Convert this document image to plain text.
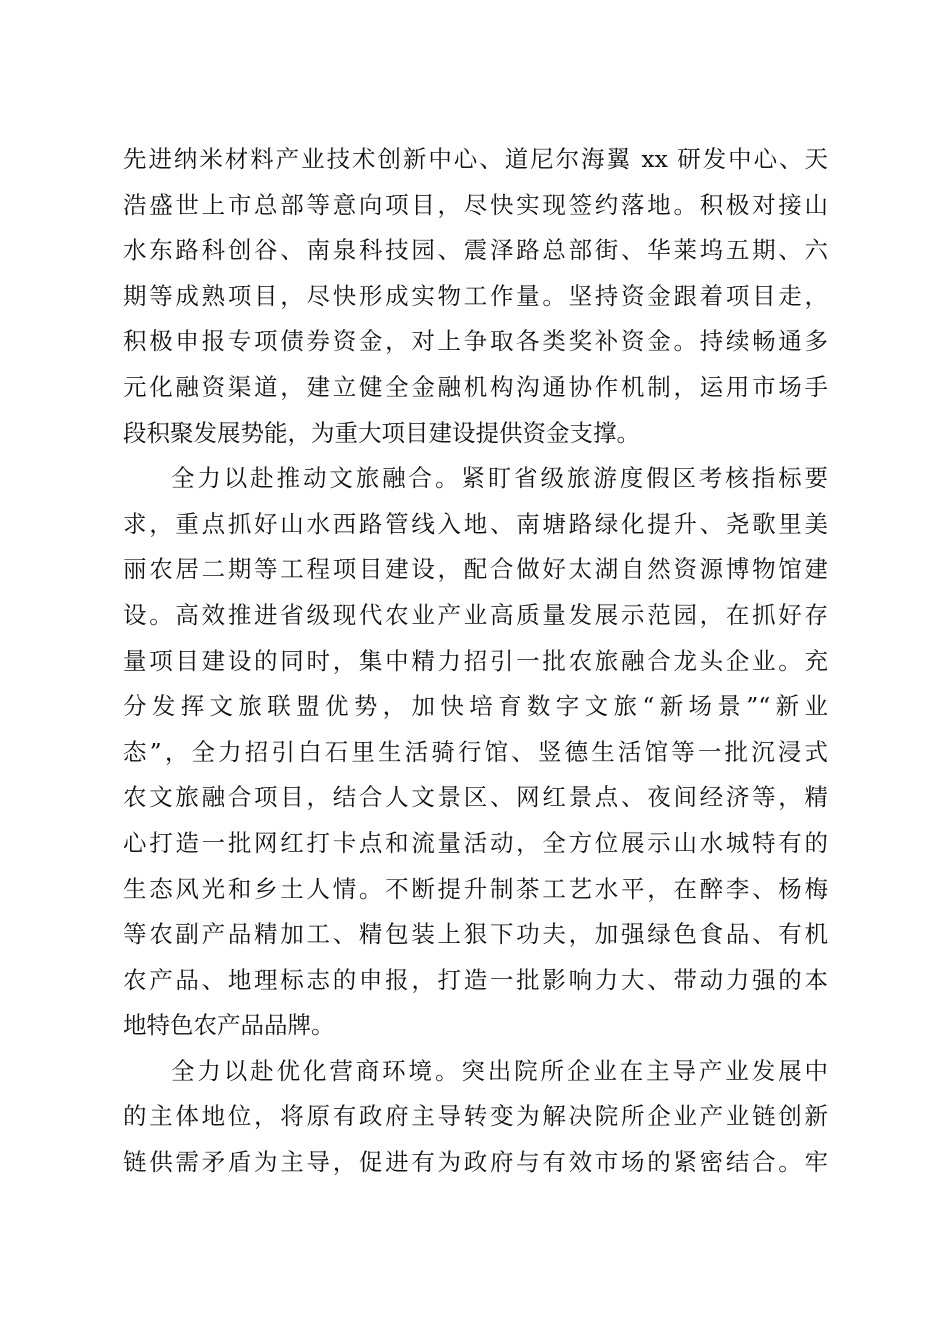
先进纳米材料产业技术创新中心、道尼尔海翼 xx 研发中心、天
浩盛世上市总部等意向项目，尽快实现签约落地。积极对接山
水东路科创谷、南泉科技园、震泽路总部街、华莱坞五期、六
期等成熟项目，尽快形成实物工作量。坚持资金跟着项目走，
积极申报专项债券资金，对上争取各类奖补资金。持续畅通多
元化融资渠道，建立健全金融机构沟通协作机制，运用市场手
段积聚发展势能，为重大项目建设提供资金支撑。
全力以赴推动文旅融合。紧盯省级旅游度假区考核指标要
求，重点抓好山水西路管线入地、南塘路绿化提升、尧歌里美
丽农居二期等工程项目建设，配合做好太湖自然资源博物馆建
设。高效推进省级现代农业产业高质量发展示范园，在抓好存
量项目建设的同时，集中精力招引一批农旅融合龙头企业。充
分发挥文旅联盟优势，加快培育数字文旅“新场景”“新业
态”，全力招引白石里生活骑行馆、竖德生活馆等一批沉浸式
农文旅融合项目，结合人文景区、网红景点、夜间经济等，精
心打造一批网红打卡点和流量活动，全方位展示山水城特有的
生态风光和乡土人情。不断提升制茶工艺水平，在醉李、杨梅
等农副产品精加工、精包装上狠下功夫，加强绿色食品、有机
农产品、地理标志的申报，打造一批影响力大、带动力强的本
地特色农产品品牌。
全力以赴优化营商环境。突出院所企业在主导产业发展中
的主体地位，将原有政府主导转变为解决院所企业产业链创新
链供需矛盾为主导，促进有为政府与有效市场的紧密结合。牢
